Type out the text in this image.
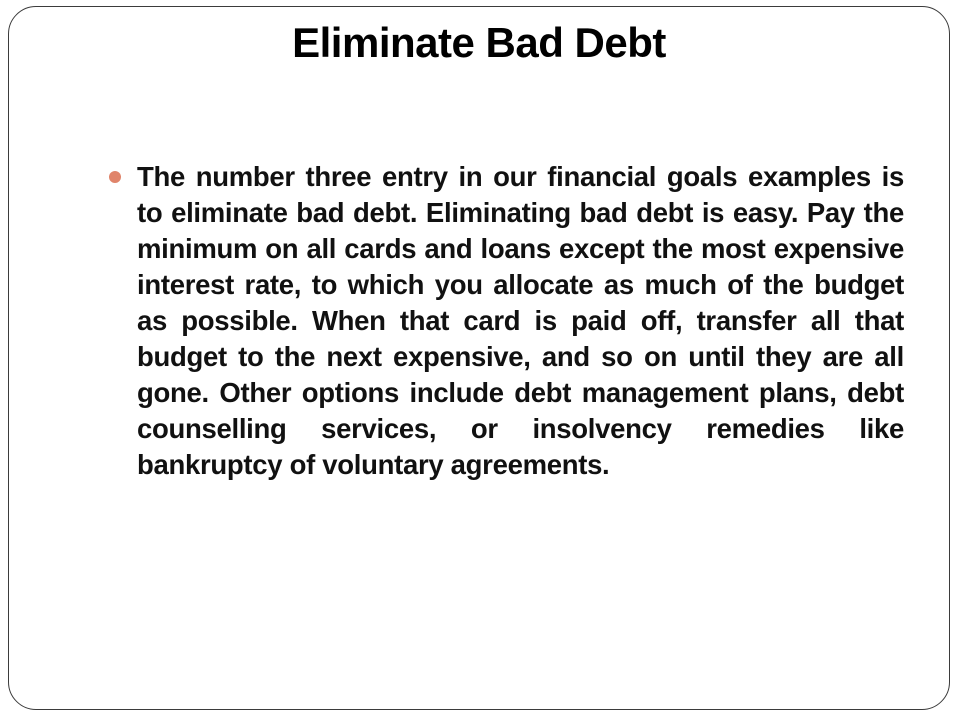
Eliminate Bad Debt
The number three entry in our financial goals examples is to eliminate bad debt. Eliminating bad debt is easy. Pay the minimum on all cards and loans except the most expensive interest rate, to which you allocate as much of the budget as possible. When that card is paid off, transfer all that budget to the next expensive, and so on until they are all gone. Other options include debt management plans, debt counselling services, or insolvency remedies like bankruptcy of voluntary agreements.
